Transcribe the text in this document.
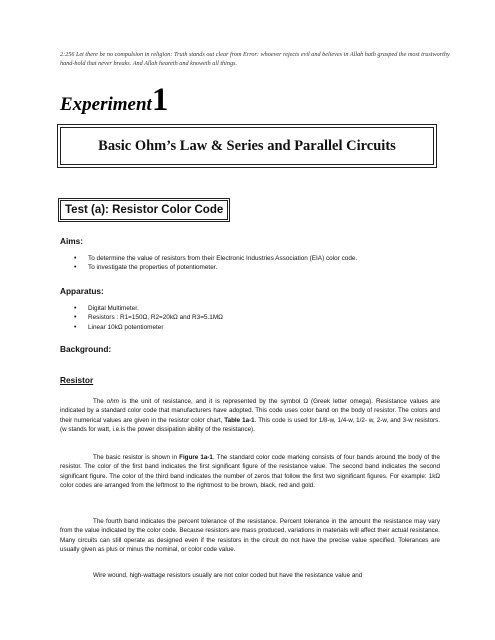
2:256 Let there be no compulsion in religion: Truth stands out clear from Error: whoever rejects evil and believes in Allah hath grasped the most trustworthy hand-hold that never breaks. And Allah heareth and knoweth all things.
Experiment1
Basic Ohm’s Law & Series and Parallel Circuits
Test (a): Resistor Color Code
Aims:
• To determine the value of resistors from their Electronic Industries Association (EIA) color code.
• To investigate the properties of potentiometer.
Apparatus:
• Digital Multimeter.
• Resistors : R1=150Ω, R2=20kΩ and R3=5.1MΩ
• Linear 10kΩ potentiometer
Background:
Resistor

The ohm is the unit of resistance, and it is represented by the symbol Ω (Greek letter omega). Resistance values are indicated by a standard color code that manufacturers have adopted. This code uses color band on the body of resistor. The colors and their numerical values are given in the resistor color chart, Table 1a-1. This code is used for 1/8-w, 1/4-w, 1/2- w, 2-w, and 3-w resistors.(w stands for watt, i.e.is the power dissipation ability of the resistance).

The basic resistor is shown in Figure 1a-1. The standard color code marking consists of four bands around the body of the resistor. The color of the first band indicates the first significant figure of the resistance value. The second band indicates the second significant figure. The color of the third band indicates the number of zeros that follow the first two significant figures. For example: 1kΩ color codes are arranged from the leftmost to the rightmost to be brown, black, red and gold.

The fourth band indicates the percent tolerance of the resistance. Percent tolerance in the amount the resistance may vary from the value indicated by the color code. Because resistors are mass produced, variations in materials will affect their actual resistance. Many circuits can still operate as designed even if the resistors in the circuit do not have the precise value specified. Tolerances are usually given as plus or minus the nominal, or color code value.

Wire wound, high-wattage resistors usually are not color coded but have the resistance value and
